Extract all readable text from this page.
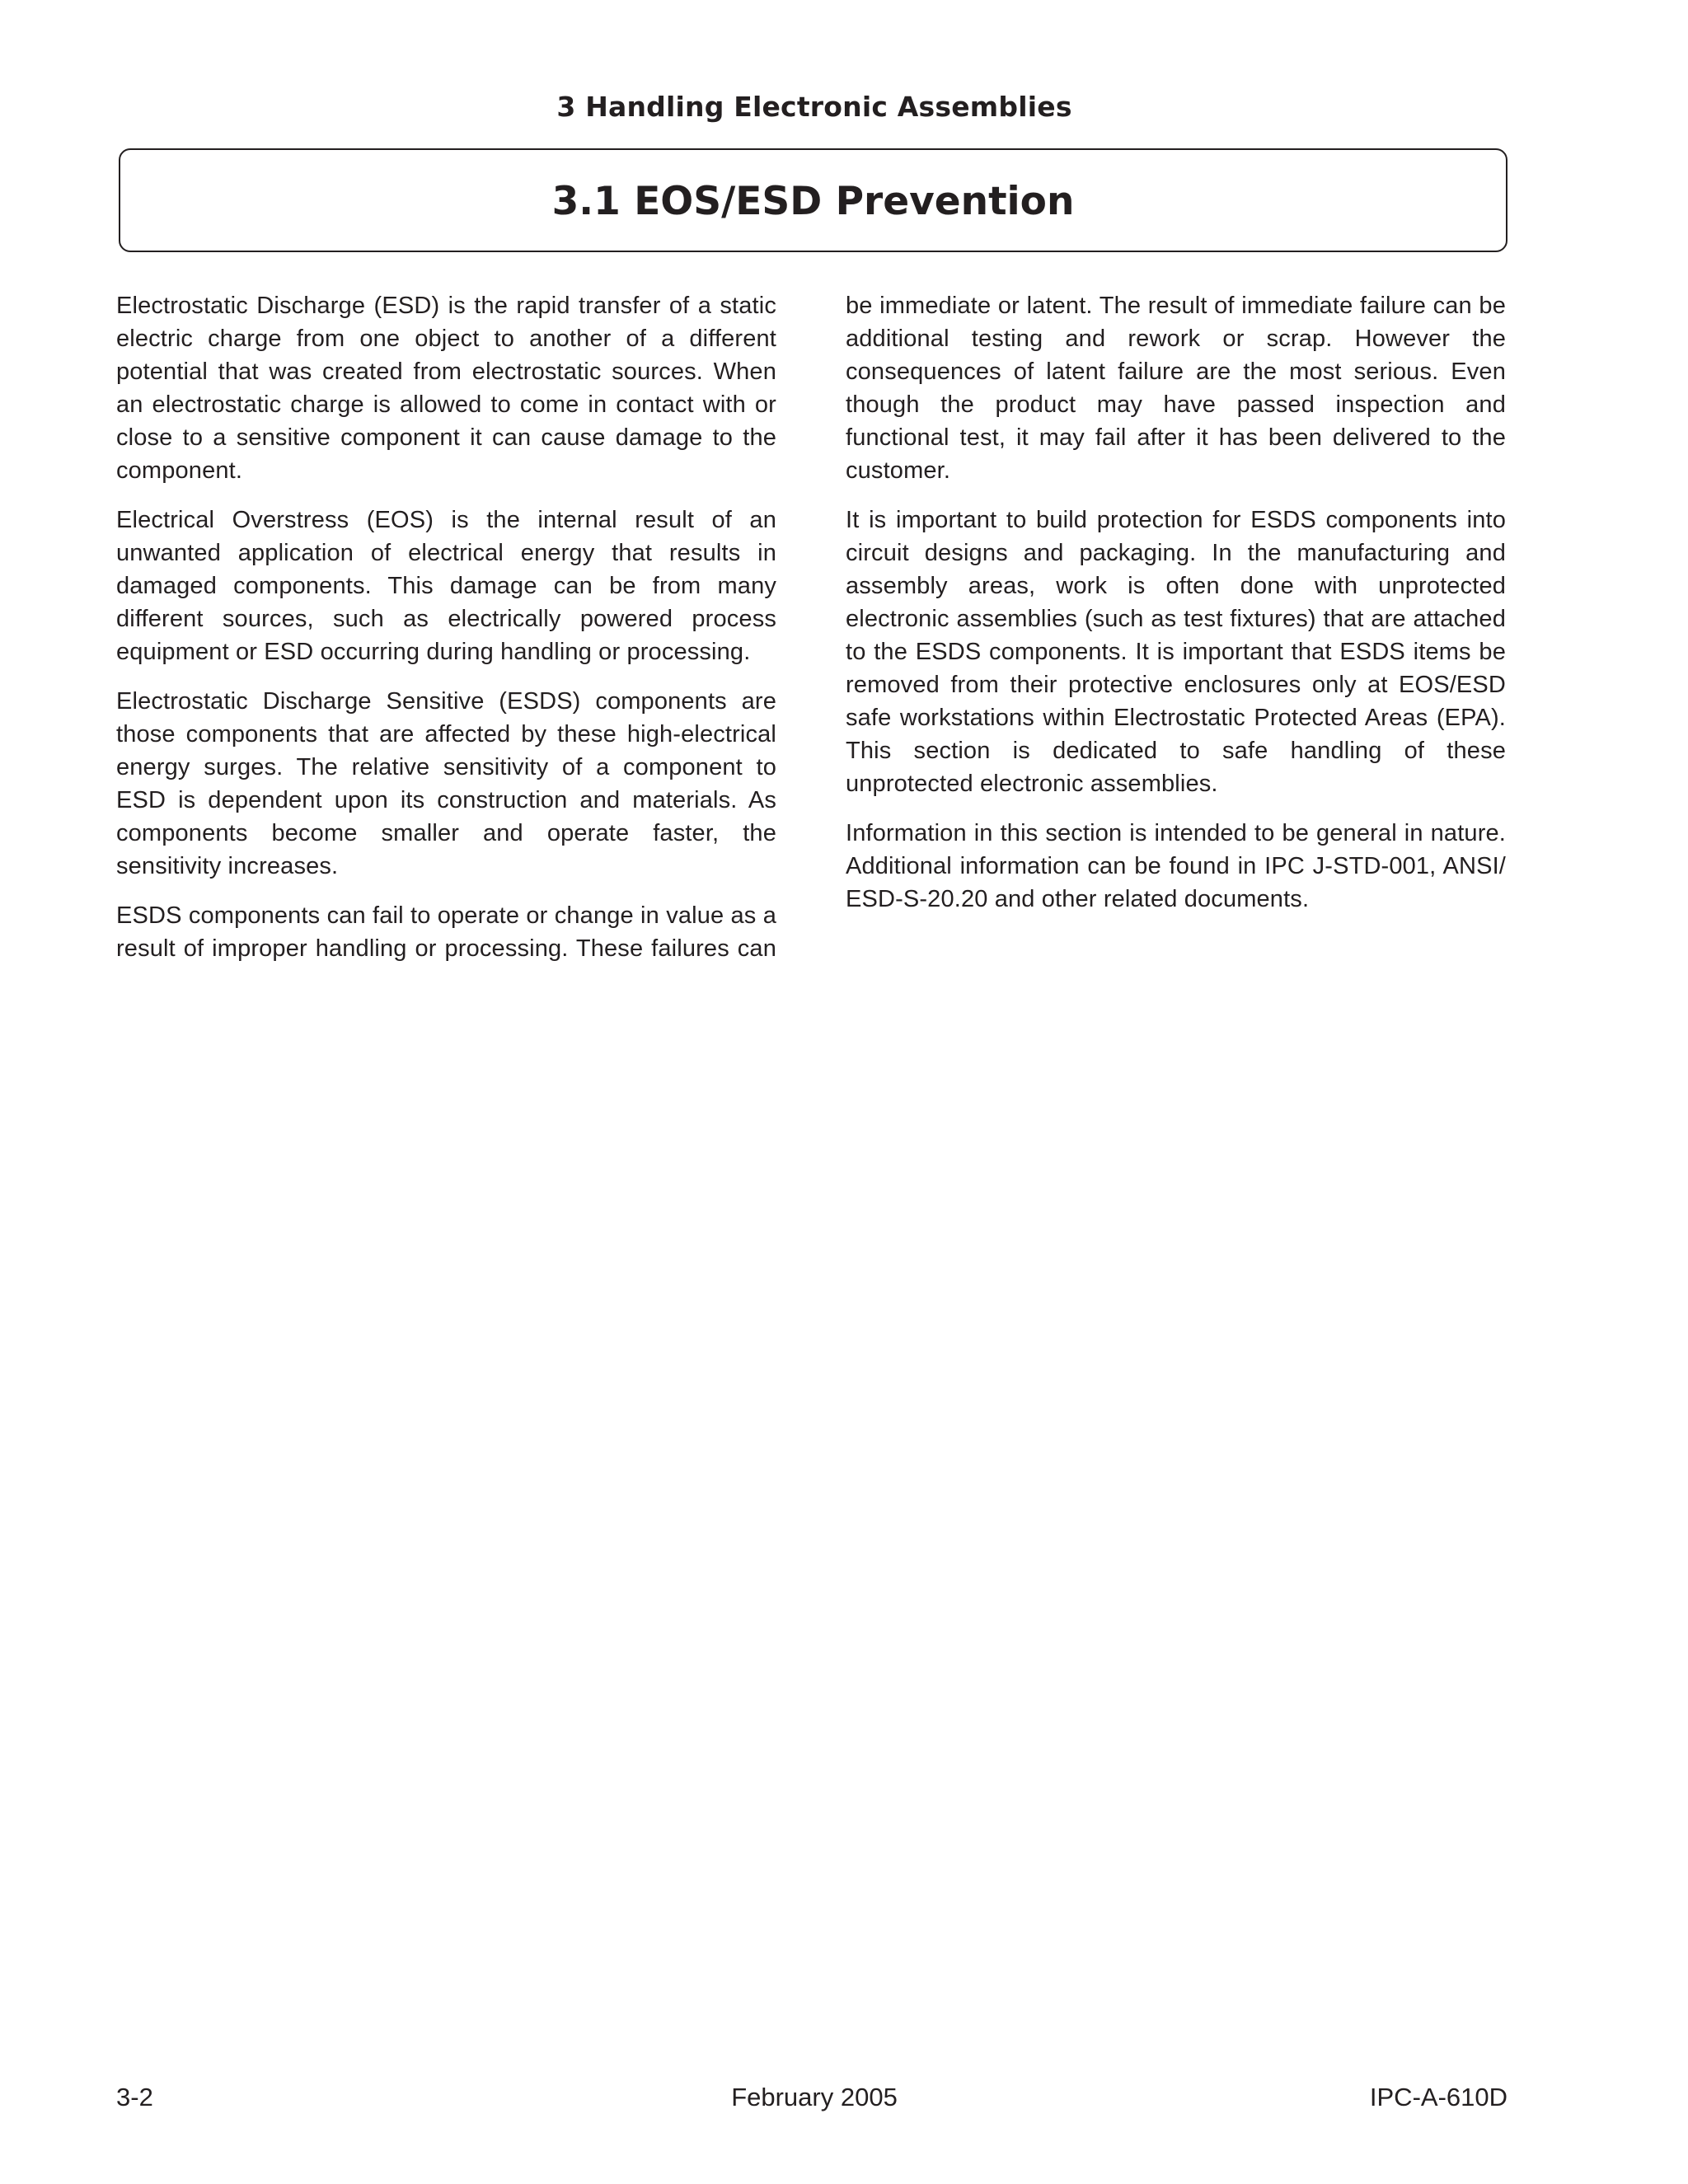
3 Handling Electronic Assemblies
3.1 EOS/ESD Prevention

Electrostatic Discharge (ESD) is the rapid transfer of a static electric charge from one object to another of a different potential that was created from electrostatic sources. When an electrostatic charge is allowed to come in contact with or close to a sensitive component it can cause damage to the component.

Electrical Overstress (EOS) is the internal result of an unwanted application of electrical energy that results in damaged components. This damage can be from many different sources, such as electrically powered process equipment or ESD occurring during handling or processing.

Electrostatic Discharge Sensitive (ESDS) components are those components that are affected by these high-electrical energy surges. The relative sensitivity of a component to ESD is dependent upon its construction and materials. As components become smaller and operate faster, the sensitivity increases.

ESDS components can fail to operate or change in value as a result of improper handling or processing. These failures can

be immediate or latent. The result of immediate failure can be additional testing and rework or scrap. However the consequences of latent failure are the most serious. Even though the product may have passed inspection and functional test, it may fail after it has been delivered to the customer.

It is important to build protection for ESDS components into circuit designs and packaging. In the manufacturing and assembly areas, work is often done with unprotected electronic assemblies (such as test fixtures) that are attached to the ESDS components. It is important that ESDS items be removed from their protective enclosures only at EOS/ESD safe workstations within Electrostatic Protected Areas (EPA). This section is dedicated to safe handling of these unprotected electronic assemblies.

Information in this section is intended to be general in nature. Additional information can be found in IPC J-STD-001, ANSI/ ESD-S-20.20 and other related documents.

3-2	February 2005	IPC-A-610D
